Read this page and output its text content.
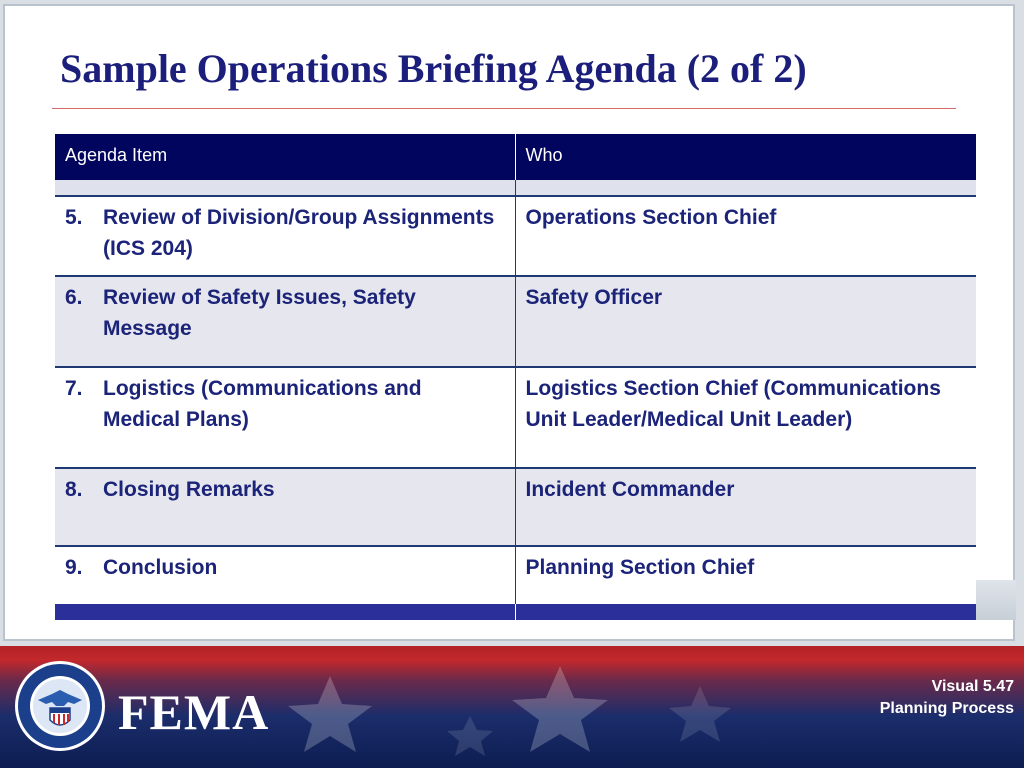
Sample Operations Briefing Agenda (2 of 2)
Agenda Item	Who

5. Review of Division/Group Assignments (ICS 204)	Operations Section Chief
6. Review of Safety Issues, Safety Message	Safety Officer
7. Logistics (Communications and Medical Plans)	Logistics Section Chief (Communications Unit Leader/Medical Unit Leader)
8. Closing Remarks	Incident Commander
9. Conclusion	Planning Section Chief

FEMA	Visual 5.47
Planning Process
